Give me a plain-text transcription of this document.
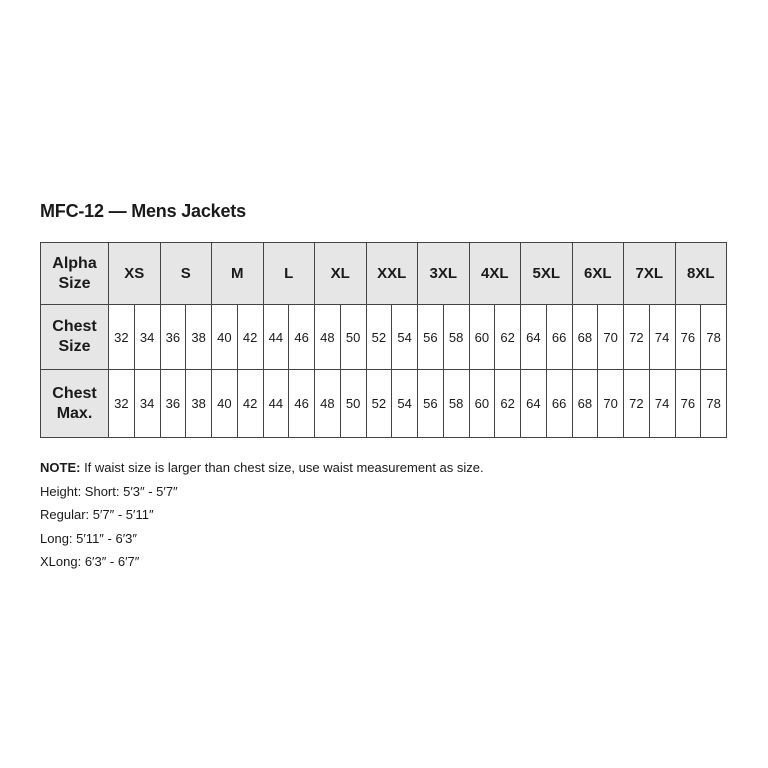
MFC-12 — Mens Jackets
Alpha
Size	XS		S		M		L		XL		XXL		3XL		4XL		5XL		6XL		7XL		8XL	
Chest
Size	32	34	36	38	40	42	44	46	48	50	52	54	56	58	60	62	64	66	68	70	72	74	76	78
Chest
Max.	32	34	36	38	40	42	44	46	48	50	52	54	56	58	60	62	64	66	68	70	72	74	76	78
NOTE: If waist size is larger than chest size, use waist measurement as size.
Height: Short: 5′3″ - 5′7″
Regular: 5′7″ - 5′11″
Long: 5′11″ - 6′3″
XLong: 6′3″ - 6′7″
